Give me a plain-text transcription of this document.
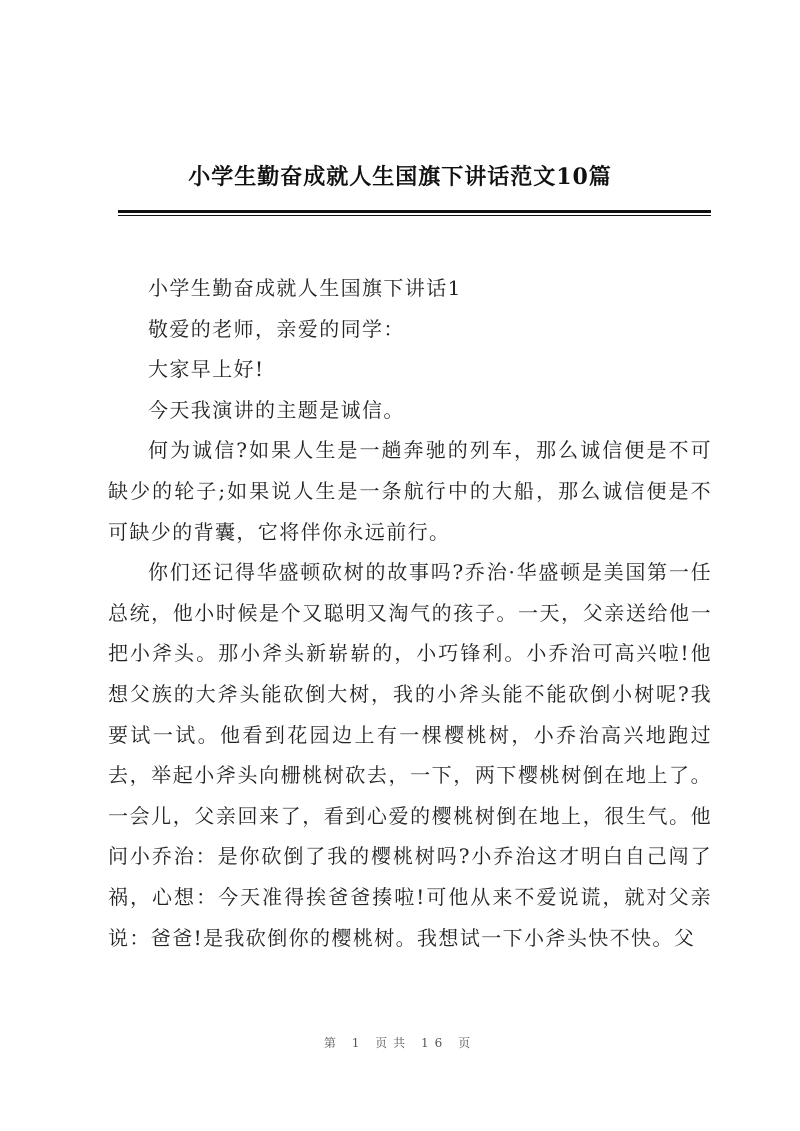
小学生勤奋成就人生国旗下讲话范文10篇

小学生勤奋成就人生国旗下讲话1

敬爱的老师，亲爱的同学：

大家早上好!

今天我演讲的主题是诚信。

何为诚信?如果人生是一趟奔驰的列车，那么诚信便是不可缺少的轮子;如果说人生是一条航行中的大船，那么诚信便是不可缺少的背囊，它将伴你永远前行。

你们还记得华盛顿砍树的故事吗?乔治·华盛顿是美国第一任总统，他小时候是个又聪明又淘气的孩子。一天，父亲送给他一把小斧头。那小斧头新崭崭的，小巧锋利。小乔治可高兴啦!他想父族的大斧头能砍倒大树，我的小斧头能不能砍倒小树呢?我要试一试。他看到花园边上有一棵樱桃树，小乔治高兴地跑过去，举起小斧头向栅桃树砍去，一下，两下樱桃树倒在地上了。一会儿，父亲回来了，看到心爱的樱桃树倒在地上，很生气。他问小乔治：是你砍倒了我的樱桃树吗?小乔治这才明白自己闯了祸，心想：今天准得挨爸爸揍啦!可他从来不爱说谎，就对父亲说：爸爸!是我砍倒你的樱桃树。我想试一下小斧头快不快。父

第 1 页共 16 页
